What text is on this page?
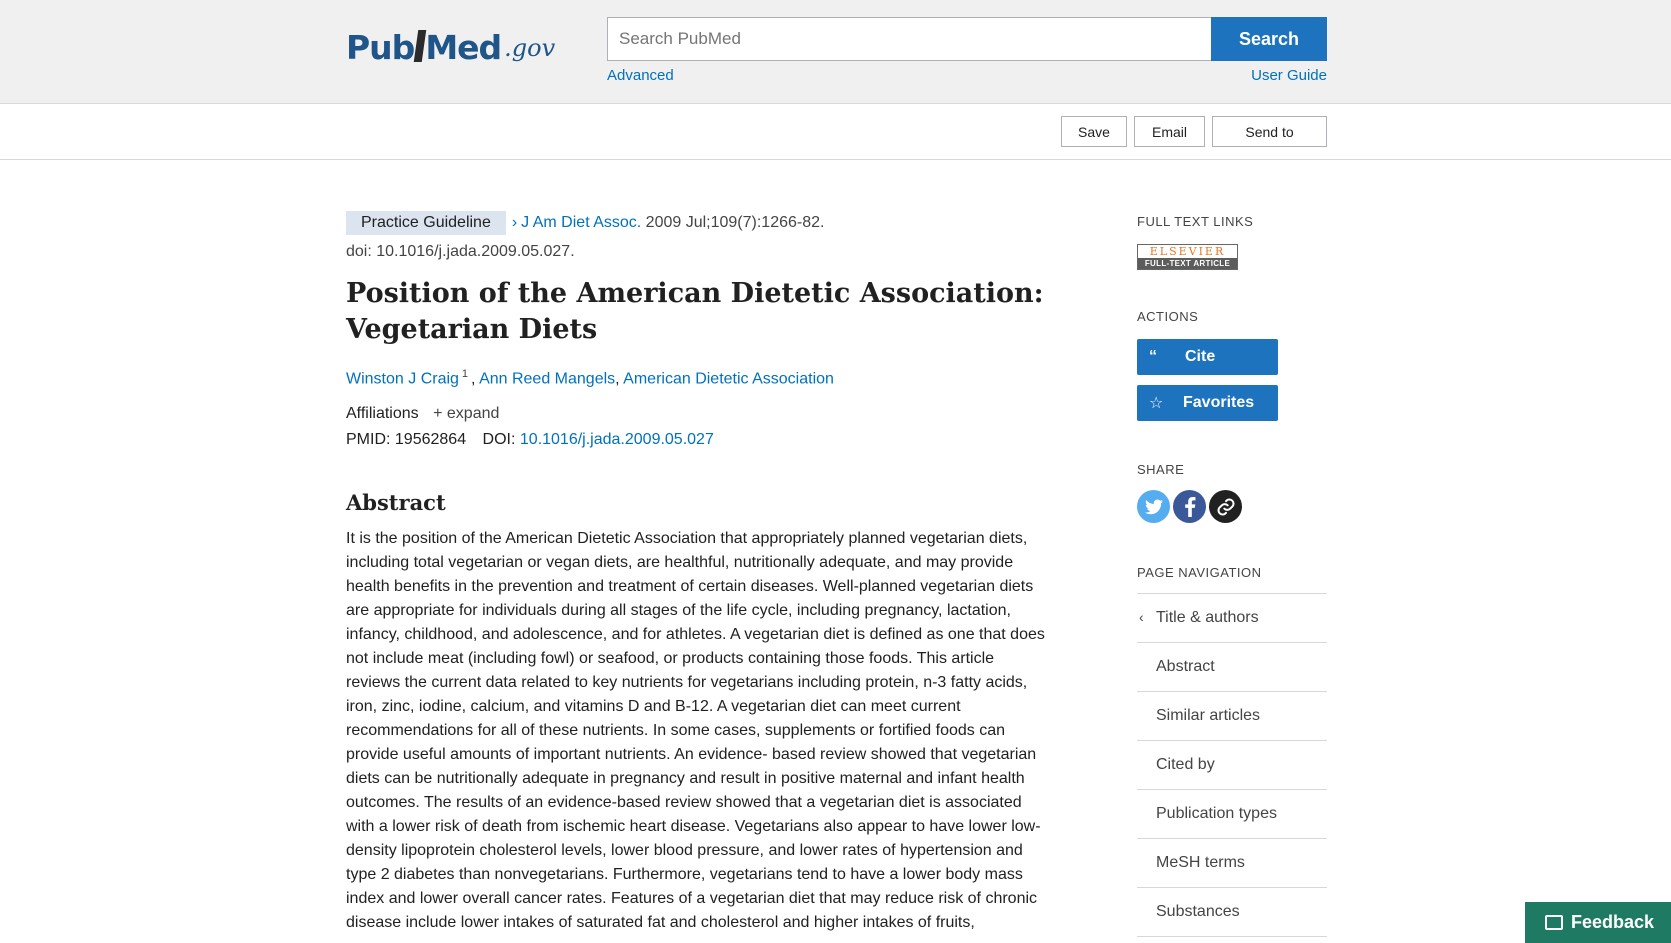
Pub Med .gov
Search PubMed	Search
Advanced	User Guide
Save	Email	Send to
Practice Guideline › J Am Diet Assoc. 2009 Jul;109(7):1266-82.
doi: 10.1016/j.jada.2009.05.027.
Position of the American Dietetic Association: Vegetarian Diets
Winston J Craig $^1$ , Ann Reed Mangels, American Dietetic Association
Affiliations + expand
PMID: 19562864 DOI: 10.1016/j.jada.2009.05.027
Abstract
It is the position of the American Dietetic Association that appropriately planned vegetarian diets,
including total vegetarian or vegan diets, are healthful, nutritionally adequate, and may provide
health benefits in the prevention and treatment of certain diseases. Well-planned vegetarian diets
are appropriate for individuals during all stages of the life cycle, including pregnancy, lactation,
infancy, childhood, and adolescence, and for athletes. A vegetarian diet is defined as one that does
not include meat (including fowl) or seafood, or products containing those foods. This article
reviews the current data related to key nutrients for vegetarians including protein, n-3 fatty acids,
iron, zinc, iodine, calcium, and vitamins D and B-12. A vegetarian diet can meet current
recommendations for all of these nutrients. In some cases, supplements or fortified foods can
provide useful amounts of important nutrients. An evidence- based review showed that vegetarian
diets can be nutritionally adequate in pregnancy and result in positive maternal and infant health
outcomes. The results of an evidence-based review showed that a vegetarian diet is associated
with a lower risk of death from ischemic heart disease. Vegetarians also appear to have lower low-
density lipoprotein cholesterol levels, lower blood pressure, and lower rates of hypertension and
type 2 diabetes than nonvegetarians. Furthermore, vegetarians tend to have a lower body mass
index and lower overall cancer rates. Features of a vegetarian diet that may reduce risk of chronic
disease include lower intakes of saturated fat and cholesterol and higher intakes of fruits,
FULL TEXT LINKS
ELSEVIER
FULL-TEXT ARTICLE
ACTIONS
“	Cite
☆	Favorites
SHARE
PAGE NAVIGATION
‹ Title & authors
Abstract
Similar articles
Cited by
Publication types
MeSH terms
Substances
Feedback
